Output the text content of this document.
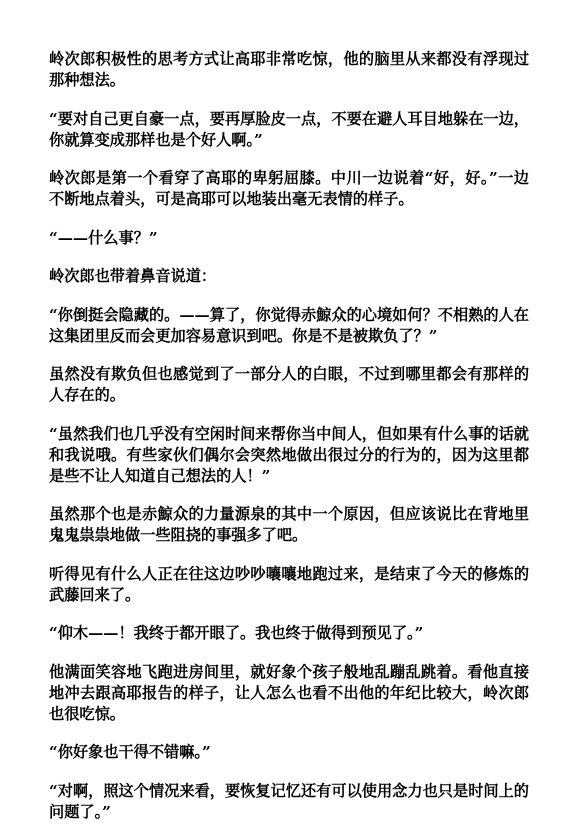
岭次郎积极性的思考方式让高耶非常吃惊，他的脑里从来都没有浮现过那种想法。

“要对自己更自豪一点，要再厚脸皮一点，不要在避人耳目地躲在一边，你就算变成那样也是个好人啊。”

岭次郎是第一个看穿了高耶的卑躬屈膝。中川一边说着“好，好。”一边不断地点着头，可是高耶可以地装出毫无表情的样子。

“——什么事？”

岭次郎也带着鼻音说道：

“你倒挺会隐藏的。——算了，你觉得赤鯨众的心境如何？不相熟的人在这集团里反而会更加容易意识到吧。你是不是被欺负了？”

虽然没有欺负但也感觉到了一部分人的白眼，不过到哪里都会有那样的人存在的。

“虽然我们也几乎没有空闲时间来帮你当中间人，但如果有什么事的话就和我说哦。有些家伙们偶尔会突然地做出很过分的行为的，因为这里都是些不让人知道自己想法的人！”

虽然那个也是赤鯨众的力量源泉的其中一个原因，但应该说比在背地里鬼鬼祟祟地做一些阻挠的事强多了吧。

听得见有什么人正在往这边吵吵嚷嚷地跑过来，是结束了今天的修炼的武藤回来了。

“仰木——！我终于都开眼了。我也终于做得到预见了。”

他满面笑容地飞跑进房间里，就好象个孩子般地乱蹦乱跳着。看他直接地冲去跟高耶报告的样子，让人怎么也看不出他的年纪比较大，岭次郎也很吃惊。

“你好象也干得不错嘛。”

“对啊，照这个情况来看，要恢复记忆还有可以使用念力也只是时间上的问题了。”
